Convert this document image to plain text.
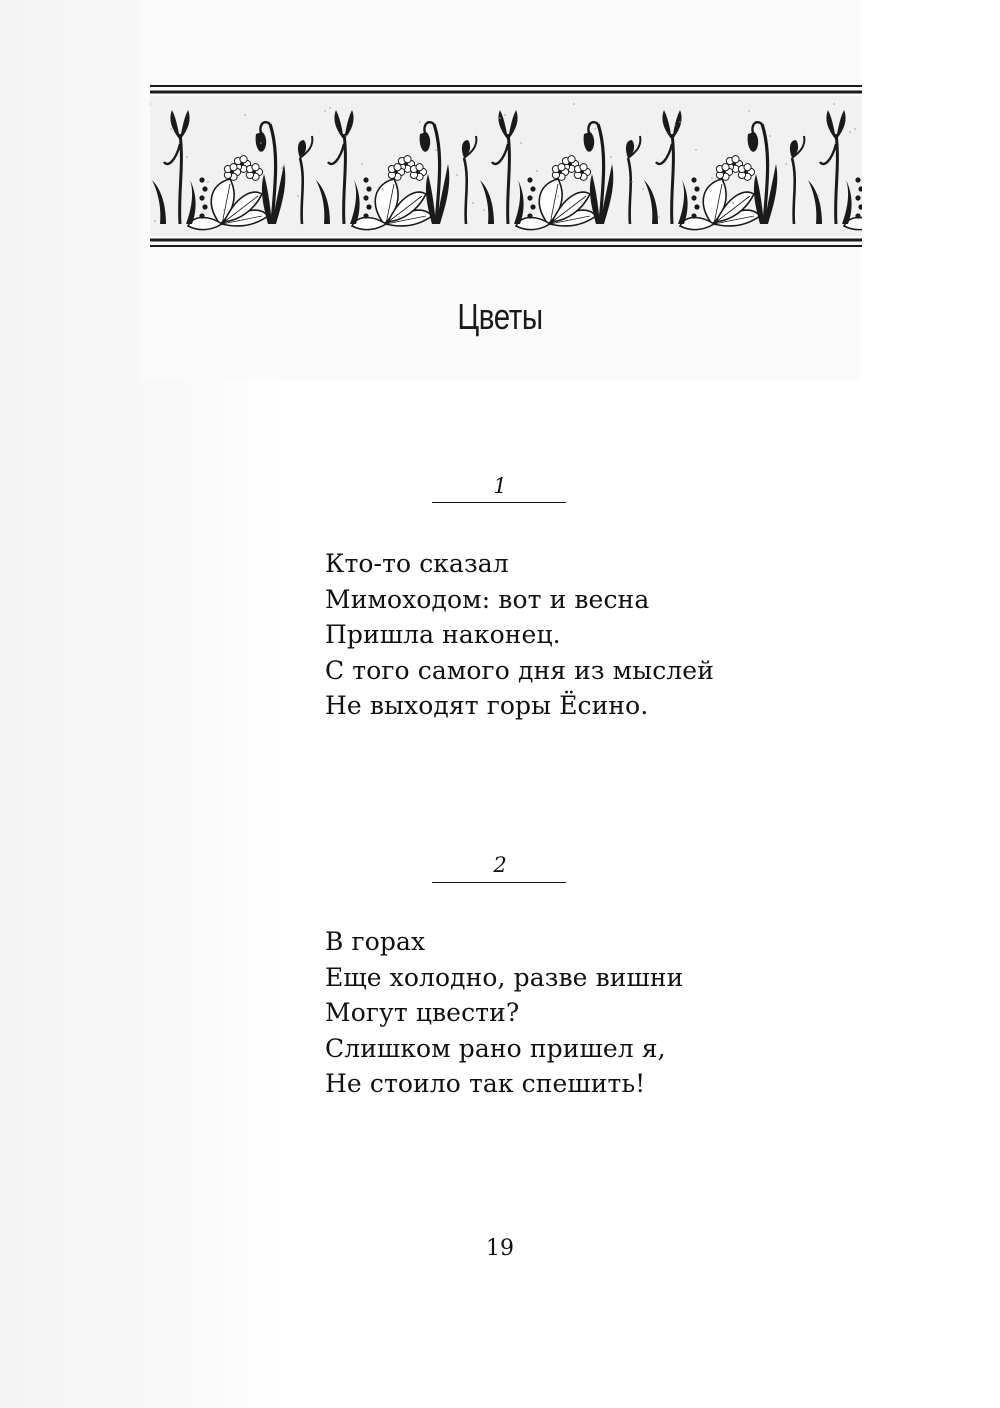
Цветы
1
Кто-то сказал
Мимоходом: вот и весна
Пришла наконец.
С того самого дня из мыслей
Не выходят горы Ёсино.
2
В горах
Еще холодно, разве вишни
Могут цвести?
Слишком рано пришел я,
Не стоило так спешить!
19
